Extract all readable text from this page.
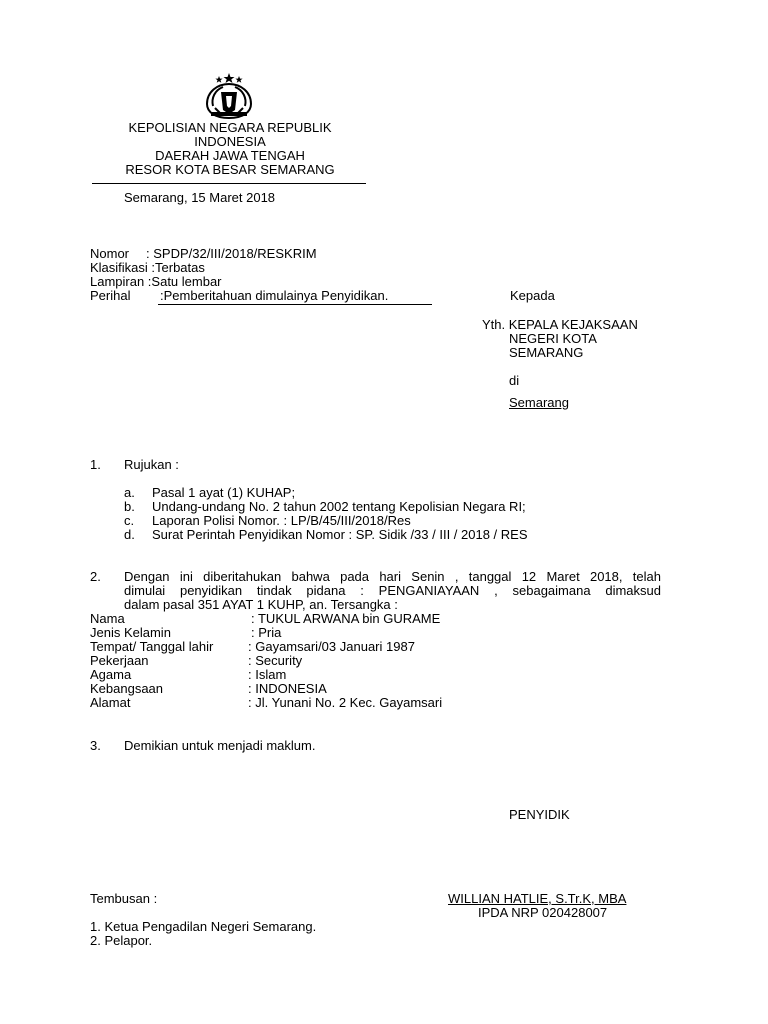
KEPOLISIAN NEGARA REPUBLIK
INDONESIA
DAERAH JAWA TENGAH
RESOR KOTA BESAR SEMARANG
Semarang, 15 Maret 2018
Nomor : SPDP/32/III/2018/RESKRIM
Klasifikasi :Terbatas
Lampiran :Satu lembar
Perihal :Pemberitahuan dimulainya Penyidikan.	Kepada
Yth. KEPALA KEJAKSAAN
NEGERI KOTA
SEMARANG
di
Semarang
1. Rujukan :
a. Pasal 1 ayat (1) KUHAP;
b. Undang-undang No. 2 tahun 2002 tentang Kepolisian Negara RI;
c. Laporan Polisi Nomor. : LP/B/45/III/2018/Res
d. Surat Perintah Penyidikan Nomor : SP. Sidik /33 / III / 2018 / RES
2. Dengan ini diberitahukan bahwa pada hari Senin , tanggal 12 Maret 2018, telah
dimulai penyidikan tindak pidana : PENGANIAYAAN , sebagaimana dimaksud
dalam pasal 351 AYAT 1 KUHP, an. Tersangka :
Nama	: TUKUL ARWANA bin GURAME
Jenis Kelamin	: Pria
Tempat/ Tanggal lahir	: Gayamsari/03 Januari 1987
Pekerjaan	: Security
Agama	: Islam
Kebangsaan	: INDONESIA
Alamat	: Jl. Yunani No. 2 Kec. Gayamsari
3. Demikian untuk menjadi maklum.
PENYIDIK
WILLIAN HATLIE, S.Tr.K, MBA
IPDA NRP 020428007
Tembusan :
1. Ketua Pengadilan Negeri Semarang.
2. Pelapor.
